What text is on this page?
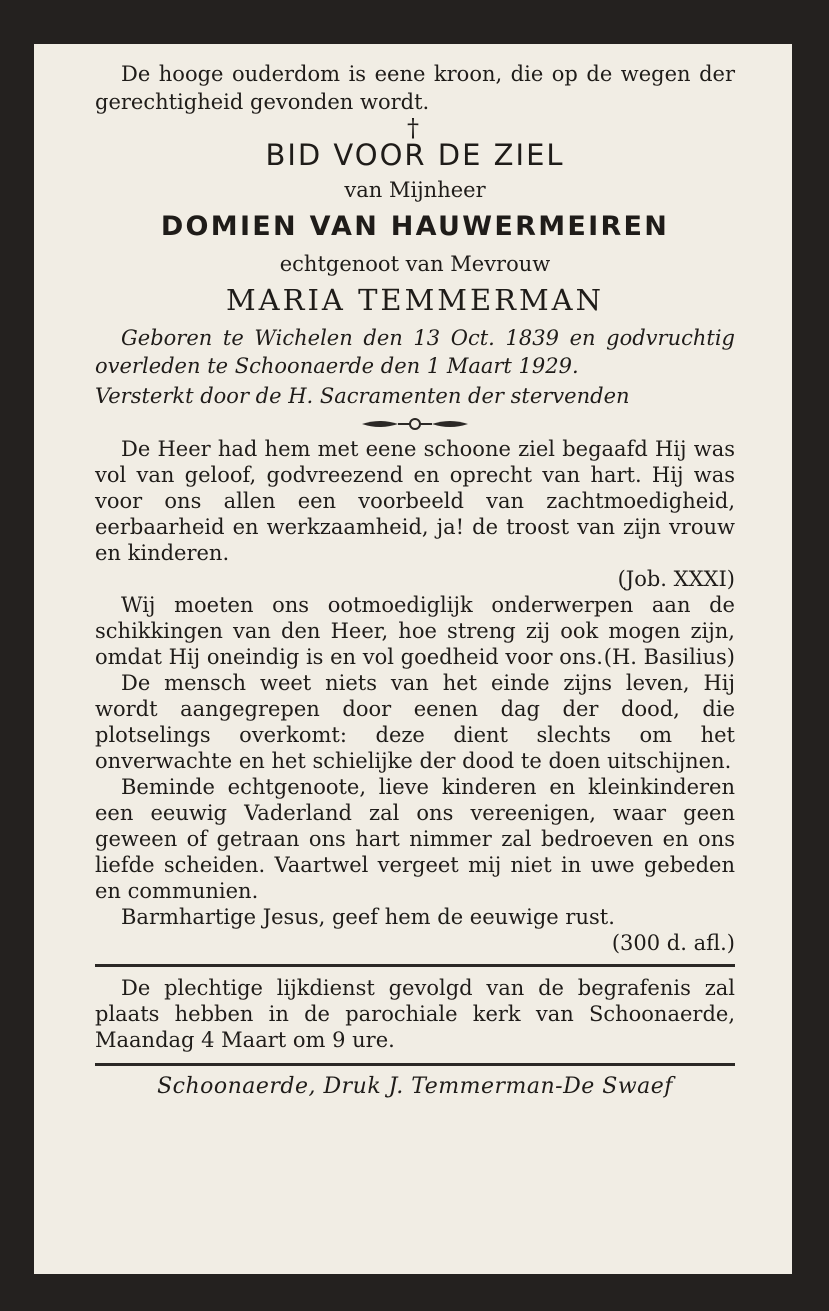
De hooge ouderdom is eene kroon, die op de wegen der gerechtigheid gevonden wordt.

†
BID VOOR DE ZIEL
van Mijnheer
DOMIEN VAN HAUWERMEIREN
echtgenoot van Mevrouw
MARIA TEMMERMAN

Geboren te Wichelen den 13 Oct. 1839 en godvruchtig overleden te Schoonaerde den 1 Maart 1929.

Versterkt door de H. Sacramenten der stervenden

De Heer had hem met eene schoone ziel begaafd Hij was vol van geloof, godvreezend en oprecht van hart. Hij was voor ons allen een voorbeeld van zachtmoedigheid, eerbaarheid en werkzaamheid, ja! de troost van zijn vrouw en kinderen.

(Job. XXXI)

Wij moeten ons ootmoediglijk onderwerpen aan de schikkingen van den Heer, hoe streng zij ook mogen zijn, omdat Hij oneindig is en vol goedheid voor ons. (H. Basilius)

De mensch weet niets van het einde zijns leven, Hij wordt aangegrepen door eenen dag der dood, die plotselings overkomt: deze dient slechts om het onverwachte en het schielijke der dood te doen uitschijnen.

Beminde echtgenoote, lieve kinderen en kleinkinderen een eeuwig Vaderland zal ons vereenigen, waar geen geween of getraan ons hart nimmer zal bedroeven en ons liefde scheiden. Vaartwel vergeet mij niet in uwe gebeden en communien.

Barmhartige Jesus, geef hem de eeuwige rust.

(300 d. afl.)

De plechtige lijkdienst gevolgd van de begrafenis zal plaats hebben in de parochiale kerk van Schoonaerde, Maandag 4 Maart om 9 ure.

Schoonaerde, Druk J. Temmerman-De Swaef
